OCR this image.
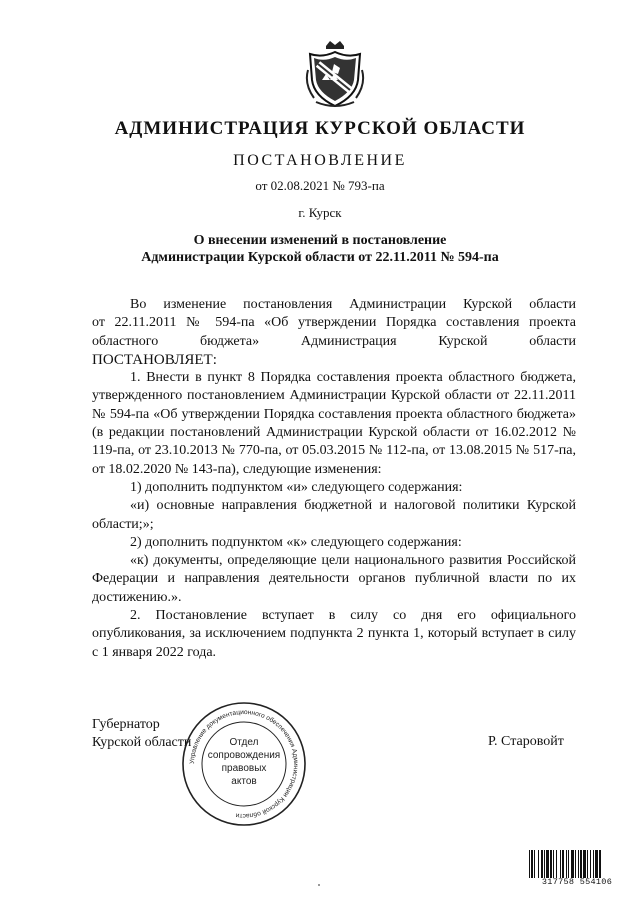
АДМИНИСТРАЦИЯ КУРСКОЙ ОБЛАСТИ
ПОСТАНОВЛЕНИЕ
от 02.08.2021 № 793-па
г. Курск
О внесении изменений в постановление
Администрации Курской области от 22.11.2011 № 594-па

Во изменение постановления Администрации Курской области

от 22.11.2011 № 594-па «Об утверждении Порядка составления проекта

областного бюджета» Администрация Курской области

ПОСТАНОВЛЯЕТ:

1. Внести в пункт 8 Порядка составления проекта областного бюджета, утвержденного постановлением Администрации Курской области от 22.11.2011 № 594-па «Об утверждении Порядка составления проекта областного бюджета» (в редакции постановлений Администрации Курской области от 16.02.2012 № 119-па, от 23.10.2013 № 770-па, от 05.03.2015 № 112-па, от 13.08.2015 № 517-па, от 18.02.2020 № 143-па), следующие изменения:

1) дополнить подпунктом «и» следующего содержания:

«и) основные направления бюджетной и налоговой политики Курской области;»;

2) дополнить подпунктом «к» следующего содержания:

«к) документы, определяющие цели национального развития Российской Федерации и направления деятельности органов публичной власти по их достижению.».

2. Постановление вступает в силу со дня его официального опубликования, за исключением подпункта 2 пункта 1, который вступает в силу с 1 января 2022 года.

Губернатор
Курской области	Р. Старовойт
Управление документационного обеспечения Администрации Курской области
Отдел
сопровождения
правовых
актов
317758 554106
